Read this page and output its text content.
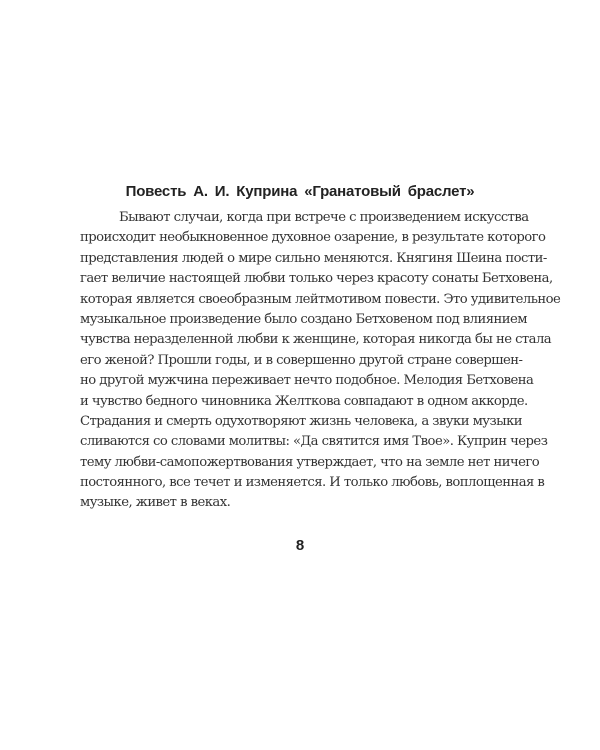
Повесть А. И. Куприна «Гранатовый браслет»
Бывают случаи, когда при встрече с произведением искусства
происходит необыкновенное духовное озарение, в результате которого
представления людей о мире сильно меняются. Княгиня Шеина пости-
гает величие настоящей любви только через красоту сонаты Бетховена,
которая является своеобразным лейтмотивом повести. Это удивительное
музыкальное произведение было создано Бетховеном под влиянием
чувства неразделенной любви к женщине, которая никогда бы не стала
его женой? Прошли годы, и в совершенно другой стране совершен-
но другой мужчина переживает нечто подобное. Мелодия Бетховена
и чувство бедного чиновника Желткова совпадают в одном аккорде.
Страдания и смерть одухотворяют жизнь человека, а звуки музыки
сливаются со словами молитвы: «Да святится имя Твое». Куприн через
тему любви-самопожертвования утверждает, что на земле нет ничего
постоянного, все течет и изменяется. И только любовь, воплощенная в
музыке, живет в веках.
8
